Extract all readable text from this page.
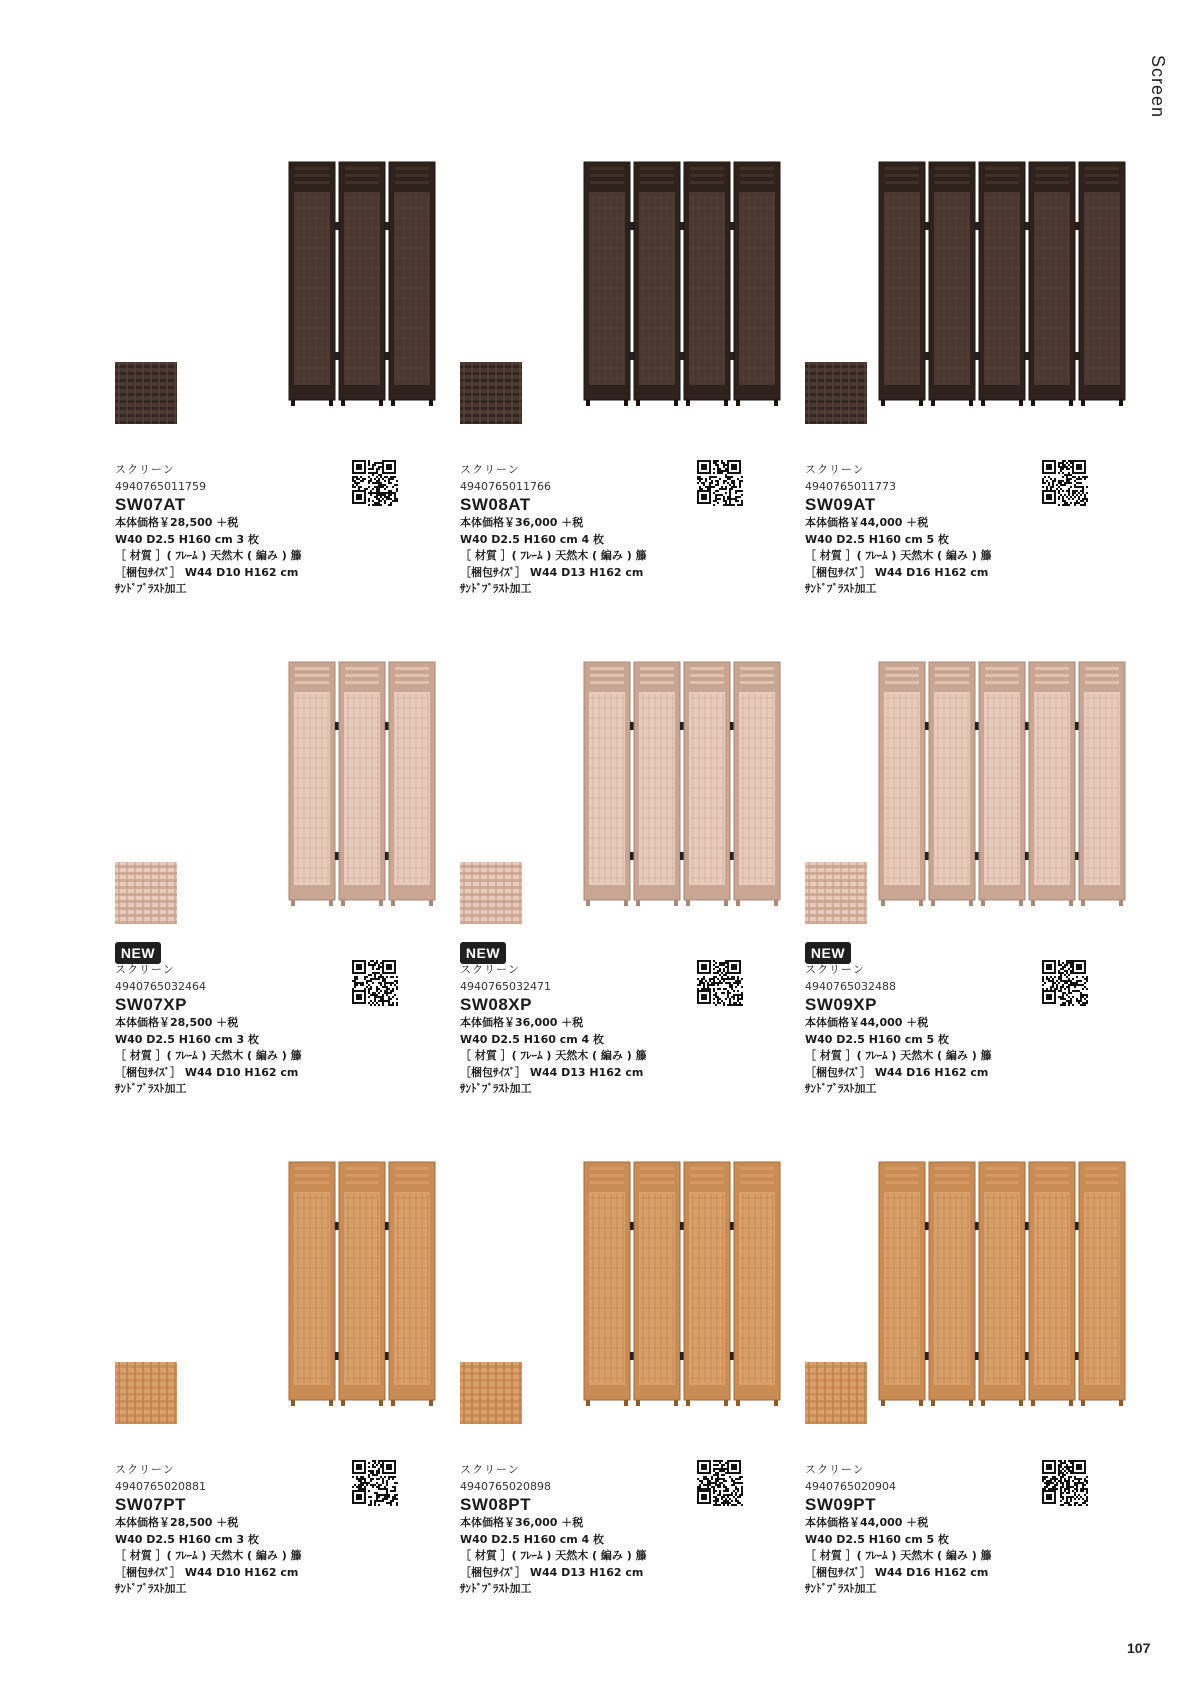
Screen
107
スクリーン
4940765011759
SW07AT
本体価格￥28,500 ＋税
W40 D2.5 H160 cm 3 枚
［ 材質 ］( ﾌﾚｰﾑ ) 天然木 ( 編み ) 籐
［梱包ｻｲｽﾞ］ W44 D10 H162 cm
ｻﾝﾄﾞﾌﾞﾗｽﾄ加工
スクリーン
4940765011766
SW08AT
本体価格￥36,000 ＋税
W40 D2.5 H160 cm 4 枚
［ 材質 ］( ﾌﾚｰﾑ ) 天然木 ( 編み ) 籐
［梱包ｻｲｽﾞ］ W44 D13 H162 cm
ｻﾝﾄﾞﾌﾞﾗｽﾄ加工
スクリーン
4940765011773
SW09AT
本体価格￥44,000 ＋税
W40 D2.5 H160 cm 5 枚
［ 材質 ］( ﾌﾚｰﾑ ) 天然木 ( 編み ) 籐
［梱包ｻｲｽﾞ］ W44 D16 H162 cm
ｻﾝﾄﾞﾌﾞﾗｽﾄ加工
NEW
スクリーン
4940765032464
SW07XP
本体価格￥28,500 ＋税
W40 D2.5 H160 cm 3 枚
［ 材質 ］( ﾌﾚｰﾑ ) 天然木 ( 編み ) 籐
［梱包ｻｲｽﾞ］ W44 D10 H162 cm
ｻﾝﾄﾞﾌﾞﾗｽﾄ加工
NEW
スクリーン
4940765032471
SW08XP
本体価格￥36,000 ＋税
W40 D2.5 H160 cm 4 枚
［ 材質 ］( ﾌﾚｰﾑ ) 天然木 ( 編み ) 籐
［梱包ｻｲｽﾞ］ W44 D13 H162 cm
ｻﾝﾄﾞﾌﾞﾗｽﾄ加工
NEW
スクリーン
4940765032488
SW09XP
本体価格￥44,000 ＋税
W40 D2.5 H160 cm 5 枚
［ 材質 ］( ﾌﾚｰﾑ ) 天然木 ( 編み ) 籐
［梱包ｻｲｽﾞ］ W44 D16 H162 cm
ｻﾝﾄﾞﾌﾞﾗｽﾄ加工
スクリーン
4940765020881
SW07PT
本体価格￥28,500 ＋税
W40 D2.5 H160 cm 3 枚
［ 材質 ］( ﾌﾚｰﾑ ) 天然木 ( 編み ) 籐
［梱包ｻｲｽﾞ］ W44 D10 H162 cm
ｻﾝﾄﾞﾌﾞﾗｽﾄ加工
スクリーン
4940765020898
SW08PT
本体価格￥36,000 ＋税
W40 D2.5 H160 cm 4 枚
［ 材質 ］( ﾌﾚｰﾑ ) 天然木 ( 編み ) 籐
［梱包ｻｲｽﾞ］ W44 D13 H162 cm
ｻﾝﾄﾞﾌﾞﾗｽﾄ加工
スクリーン
4940765020904
SW09PT
本体価格￥44,000 ＋税
W40 D2.5 H160 cm 5 枚
［ 材質 ］( ﾌﾚｰﾑ ) 天然木 ( 編み ) 籐
［梱包ｻｲｽﾞ］ W44 D16 H162 cm
ｻﾝﾄﾞﾌﾞﾗｽﾄ加工
